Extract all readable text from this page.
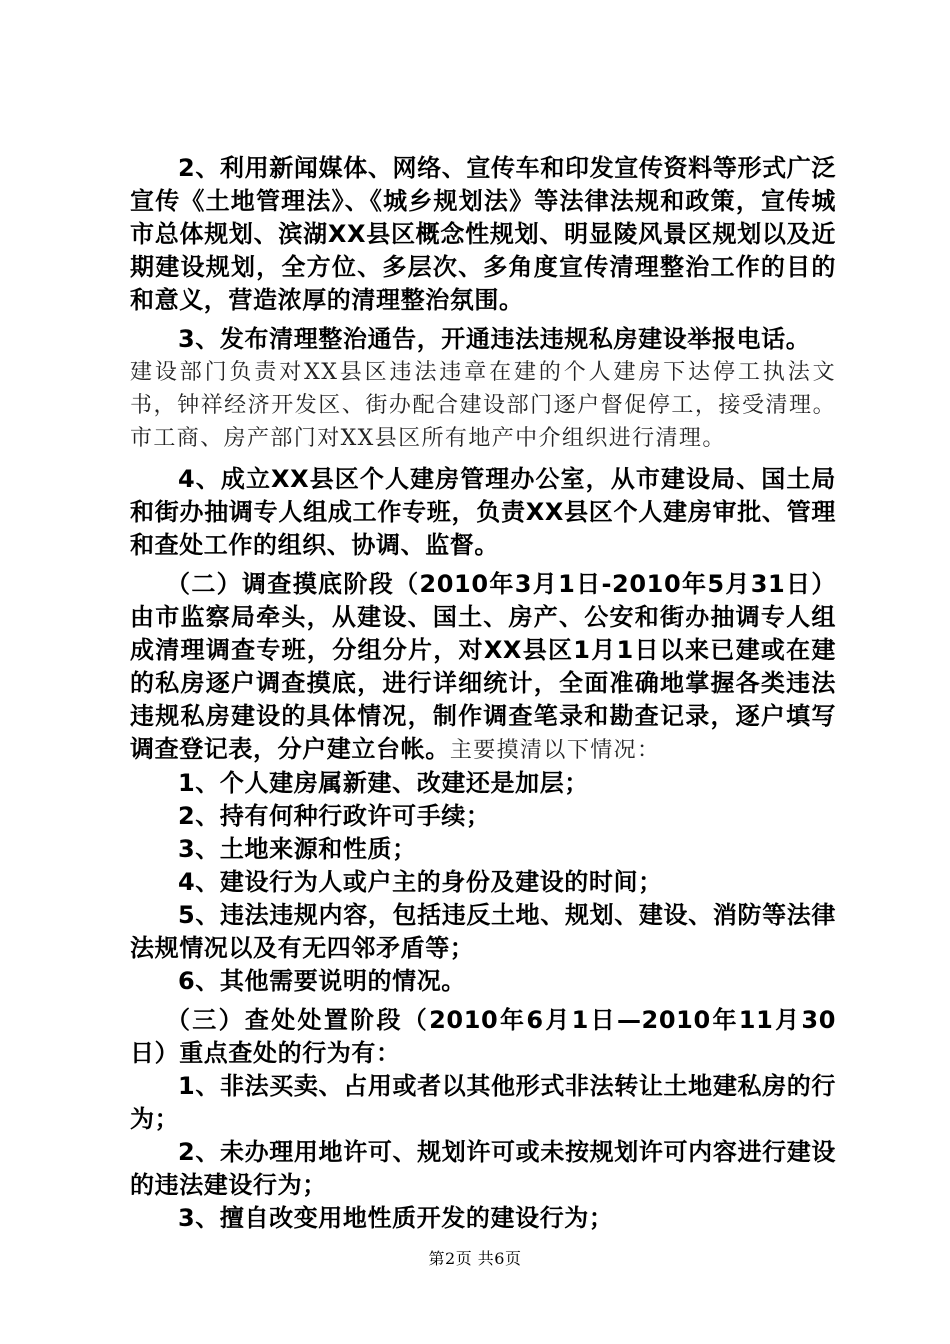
2、利用新闻媒体、网络、宣传车和印发宣传资料等形式广泛宣传《土地管理法》、《城乡规划法》等法律法规和政策，宣传城市总体规划、滨湖XX县区概念性规划、明显陵风景区规划以及近期建设规划，全方位、多层次、多角度宣传清理整治工作的目的和意义，营造浓厚的清理整治氛围。

3、发布清理整治通告，开通违法违规私房建设举报电话。

建设部门负责对XX县区违法违章在建的个人建房下达停工执法文书，钟祥经济开发区、街办配合建设部门逐户督促停工，接受清理。市工商、房产部门对XX县区所有地产中介组织进行清理。

4、成立XX县区个人建房管理办公室，从市建设局、国土局和街办抽调专人组成工作专班，负责XX县区个人建房审批、管理和查处工作的组织、协调、监督。

（二）调查摸底阶段（2010年3月1日-2010年5月31日）由市监察局牵头，从建设、国土、房产、公安和街办抽调专人组成清理调查专班，分组分片，对XX县区1月1日以来已建或在建的私房逐户调查摸底，进行详细统计，全面准确地掌握各类违法违规私房建设的具体情况，制作调查笔录和勘查记录，逐户填写调查登记表，分户建立台帐。主要摸清以下情况：

1、个人建房属新建、改建还是加层；

2、持有何种行政许可手续；

3、土地来源和性质；

4、建设行为人或户主的身份及建设的时间；

5、违法违规内容，包括违反土地、规划、建设、消防等法律法规情况以及有无四邻矛盾等；

6、其他需要说明的情况。

（三）查处处置阶段（2010年6月1日—2010年11月30日）重点查处的行为有：

1、非法买卖、占用或者以其他形式非法转让土地建私房的行为；

2、未办理用地许可、规划许可或未按规划许可内容进行建设的违法建设行为；

3、擅自改变用地性质开发的建设行为；

第2页 共6页
